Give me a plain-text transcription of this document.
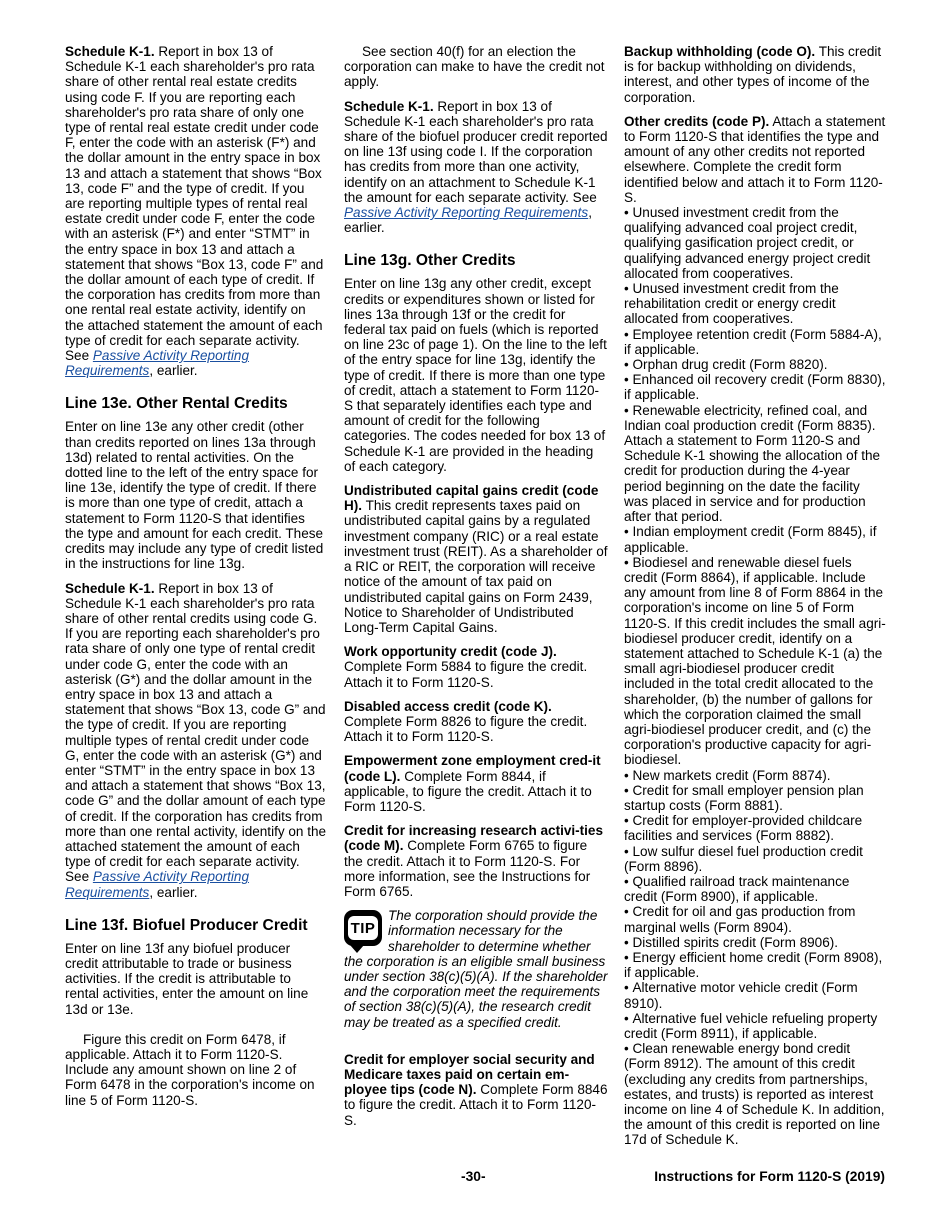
Schedule K-1. Report in box 13 of Schedule K-1 each shareholder's pro rata share of other rental real estate credits using code F. If you are reporting each shareholder's pro rata share of only one type of rental real estate credit under code F, enter the code with an asterisk (F*) and the dollar amount in the entry space in box 13 and attach a statement that shows “Box 13, code F” and the type of credit. If you are reporting multiple types of rental real estate credit under code F, enter the code with an asterisk (F*) and enter “STMT” in the entry space in box 13 and attach a statement that shows “Box 13, code F” and the dollar amount of each type of credit. If the corporation has credits from more than one rental real estate activity, identify on the attached statement the amount of each type of credit for each separate activity. See Passive Activity Reporting Requirements, earlier.

Line 13e. Other Rental Credits

Enter on line 13e any other credit (other than credits reported on lines 13a through 13d) related to rental activities. On the dotted line to the left of the entry space for line 13e, identify the type of credit. If there is more than one type of credit, attach a statement to Form 1120-S that identifies the type and amount for each credit. These credits may include any type of credit listed in the instructions for line 13g.

Schedule K-1. Report in box 13 of Schedule K-1 each shareholder's pro rata share of other rental credits using code G. If you are reporting each shareholder's pro rata share of only one type of rental credit under code G, enter the code with an asterisk (G*) and the dollar amount in the entry space in box 13 and attach a statement that shows “Box 13, code G” and the type of credit. If you are reporting multiple types of rental credit under code G, enter the code with an asterisk (G*) and enter “STMT” in the entry space in box 13 and attach a statement that shows “Box 13, code G” and the dollar amount of each type of credit. If the corporation has credits from more than one rental activity, identify on the attached statement the amount of each type of credit for each separate activity. See Passive Activity Reporting Requirements, earlier.

Line 13f. Biofuel Producer Credit

Enter on line 13f any biofuel producer credit attributable to trade or business activities. If the credit is attributable to rental activities, enter the amount on line 13d or 13e.

Figure this credit on Form 6478, if applicable. Attach it to Form 1120-S. Include any amount shown on line 2 of Form 6478 in the corporation's income on line 5 of Form 1120-S.

See section 40(f) for an election the corporation can make to have the credit not apply.

Schedule K-1. Report in box 13 of Schedule K-1 each shareholder's pro rata share of the biofuel producer credit reported on line 13f using code I. If the corporation has credits from more than one activity, identify on an attachment to Schedule K-1 the amount for each separate activity. See Passive Activity Reporting Requirements, earlier.

Line 13g. Other Credits

Enter on line 13g any other credit, except credits or expenditures shown or listed for lines 13a through 13f or the credit for federal tax paid on fuels (which is reported on line 23c of page 1). On the line to the left of the entry space for line 13g, identify the type of credit. If there is more than one type of credit, attach a statement to Form 1120-S that separately identifies each type and amount of credit for the following categories. The codes needed for box 13 of Schedule K-1 are provided in the heading of each category.

Undistributed capital gains credit (code H). This credit represents taxes paid on undistributed capital gains by a regulated investment company (RIC) or a real estate investment trust (REIT). As a shareholder of a RIC or REIT, the corporation will receive notice of the amount of tax paid on undistributed capital gains on Form 2439, Notice to Shareholder of Undistributed Long-Term Capital Gains.

Work opportunity credit (code J). Complete Form 5884 to figure the credit. Attach it to Form 1120-S.

Disabled access credit (code K). Complete Form 8826 to figure the credit. Attach it to Form 1120-S.

Empowerment zone employment cred-it (code L). Complete Form 8844, if applicable, to figure the credit. Attach it to Form 1120-S.

Credit for increasing research activi-ties (code M). Complete Form 6765 to figure the credit. Attach it to Form 1120-S. For more information, see the Instructions for Form 6765.

TIP
The corporation should provide the information necessary for the shareholder to determine whether the corporation is an eligible small business under section 38(c)(5)(A). If the shareholder and the corporation meet the requirements of section 38(c)(5)(A), the research credit may be treated as a specified credit.

Credit for employer social security and Medicare taxes paid on certain em-ployee tips (code N). Complete Form 8846 to figure the credit. Attach it to Form 1120-S.

Backup withholding (code O). This credit is for backup withholding on dividends, interest, and other types of income of the corporation.

Other credits (code P). Attach a statement to Form 1120-S that identifies the type and amount of any other credits not reported elsewhere. Complete the credit form identified below and attach it to Form 1120-S.

• Unused investment credit from the qualifying advanced coal project credit, qualifying gasification project credit, or qualifying advanced energy project credit allocated from cooperatives.

• Unused investment credit from the rehabilitation credit or energy credit allocated from cooperatives.

• Employee retention credit (Form 5884-A), if applicable.

• Orphan drug credit (Form 8820).

• Enhanced oil recovery credit (Form 8830), if applicable.

• Renewable electricity, refined coal, and Indian coal production credit (Form 8835). Attach a statement to Form 1120-S and Schedule K-1 showing the allocation of the credit for production during the 4-year period beginning on the date the facility was placed in service and for production after that period.

• Indian employment credit (Form 8845), if applicable.

• Biodiesel and renewable diesel fuels credit (Form 8864), if applicable. Include any amount from line 8 of Form 8864 in the corporation's income on line 5 of Form 1120-S. If this credit includes the small agri-biodiesel producer credit, identify on a statement attached to Schedule K-1 (a) the small agri-biodiesel producer credit included in the total credit allocated to the shareholder, (b) the number of gallons for which the corporation claimed the small agri-biodiesel producer credit, and (c) the corporation's productive capacity for agri-biodiesel.

• New markets credit (Form 8874).

• Credit for small employer pension plan startup costs (Form 8881).

• Credit for employer-provided childcare facilities and services (Form 8882).

• Low sulfur diesel fuel production credit (Form 8896).

• Qualified railroad track maintenance credit (Form 8900), if applicable.

• Credit for oil and gas production from marginal wells (Form 8904).

• Distilled spirits credit (Form 8906).

• Energy efficient home credit (Form 8908), if applicable.

• Alternative motor vehicle credit (Form 8910).

• Alternative fuel vehicle refueling property credit (Form 8911), if applicable.

• Clean renewable energy bond credit (Form 8912). The amount of this credit (excluding any credits from partnerships, estates, and trusts) is reported as interest income on line 4 of Schedule K. In addition, the amount of this credit is reported on line 17d of Schedule K.

-30-	Instructions for Form 1120-S (2019)
